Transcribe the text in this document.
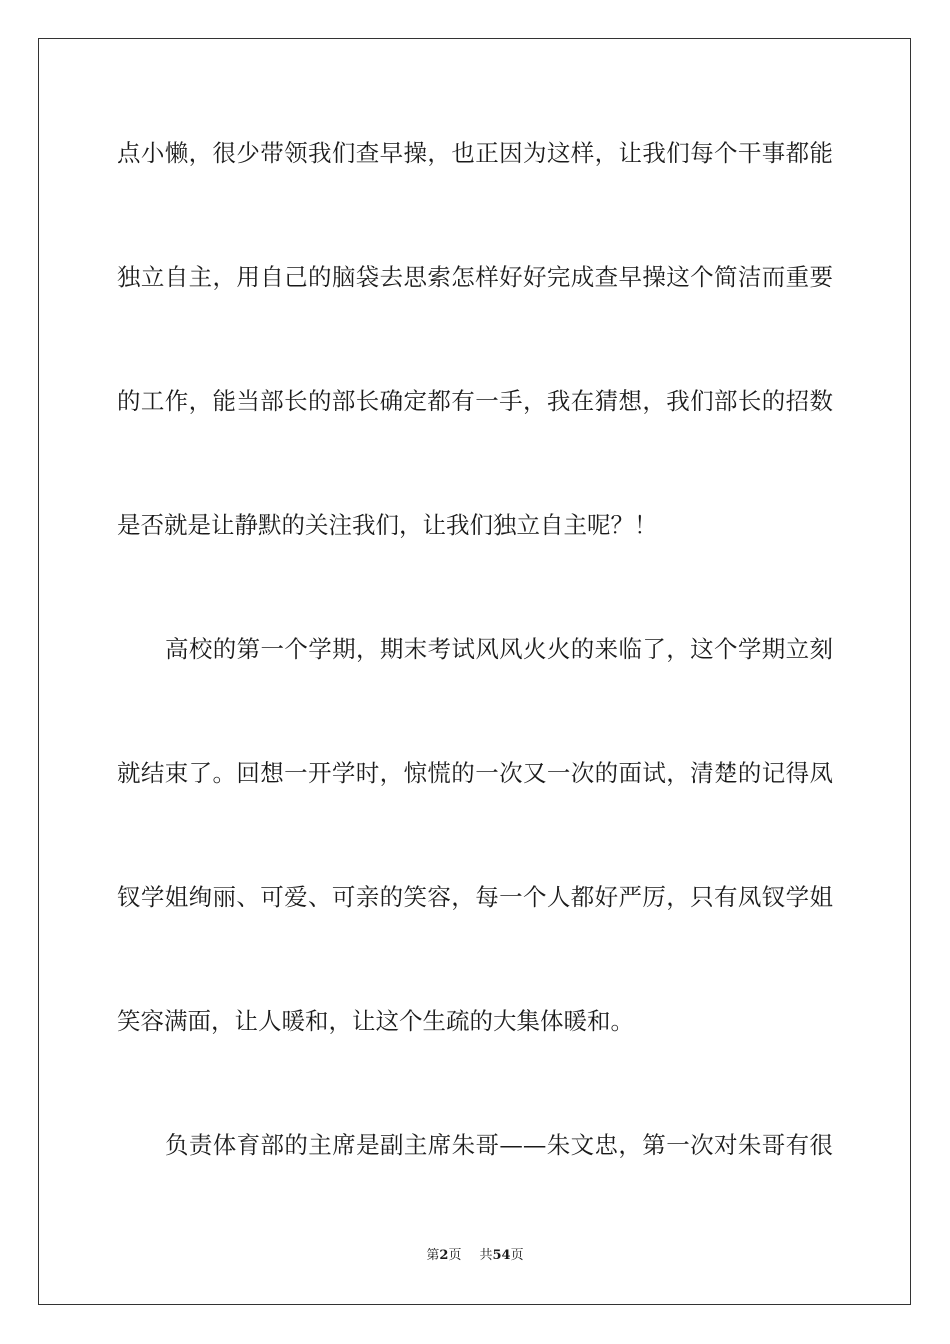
点小懒，很少带领我们查早操，也正因为这样，让我们每个干事都能
独立自主，用自己的脑袋去思索怎样好好完成查早操这个简洁而重要
的工作，能当部长的部长确定都有一手，我在猜想，我们部长的招数
是否就是让静默的关注我们，让我们独立自主呢？！
高校的第一个学期，期末考试风风火火的来临了，这个学期立刻
就结束了。回想一开学时，惊慌的一次又一次的面试，清楚的记得凤
钗学姐绚丽、可爱、可亲的笑容，每一个人都好严厉，只有凤钗学姐
笑容满面，让人暖和，让这个生疏的大集体暖和。
负责体育部的主席是副主席朱哥——朱文忠，第一次对朱哥有很
第2页 共54页
